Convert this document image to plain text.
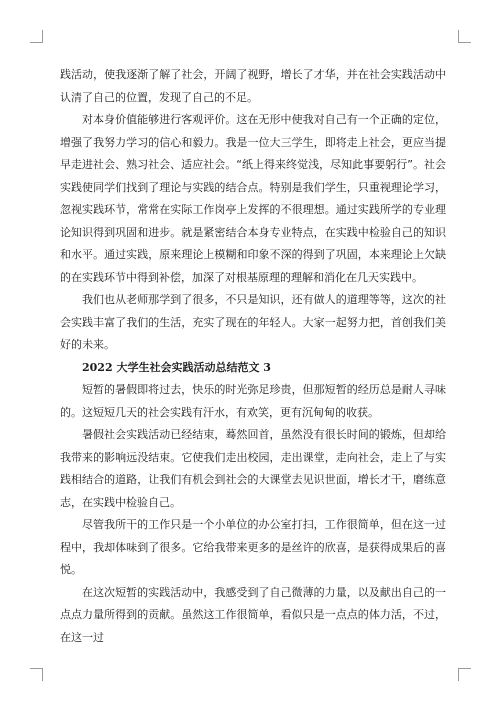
践活动，使我逐渐了解了社会，开阔了视野，增长了才华，并在社会实践活动中认清了自己的位置，发现了自己的不足。

对本身价值能够进行客观评价。这在无形中使我对自己有一个正确的定位，增强了我努力学习的信心和毅力。我是一位大三学生，即将走上社会，更应当提早走进社会、熟习社会、适应社会。“纸上得来终觉浅，尽知此事要躬行”。社会实践使同学们找到了理论与实践的结合点。特别是我们学生，只重视理论学习，忽视实践环节，常常在实际工作岗亭上发挥的不很理想。通过实践所学的专业理论知识得到巩固和进步。就是紧密结合本身专业特点，在实践中检验自己的知识和水平。通过实践，原来理论上模糊和印象不深的得到了巩固，本来理论上欠缺的在实践环节中得到补偿，加深了对根基原理的理解和消化在几天实践中。

我们也从老师那学到了很多，不只是知识，还有做人的道理等等，这次的社会实践丰富了我们的生活，充实了现在的年轻人。大家一起努力把，首创我们美好的未来。

2022 大学生社会实践活动总结范文 3

短暂的暑假即将过去，快乐的时光弥足珍贵，但那短暂的经历总是耐人寻味的。这短短几天的社会实践有汗水，有欢笑，更有沉甸甸的收获。

暑假社会实践活动已经结束，蓦然回首，虽然没有很长时间的锻炼，但却给我带来的影响远没结束。它使我们走出校园，走出课堂，走向社会，走上了与实践相结合的道路，让我们有机会到社会的大课堂去见识世面，增长才干，磨练意志，在实践中检验自己。

尽管我所干的工作只是一个小单位的办公室打扫，工作很简单，但在这一过程中，我却体味到了很多。它给我带来更多的是丝许的欣喜，是获得成果后的喜悦。

在这次短暂的实践活动中，我感受到了自己微薄的力量，以及献出自己的一点点力量所得到的贡献。虽然这工作很简单，看似只是一点点的体力活，不过，在这一过
